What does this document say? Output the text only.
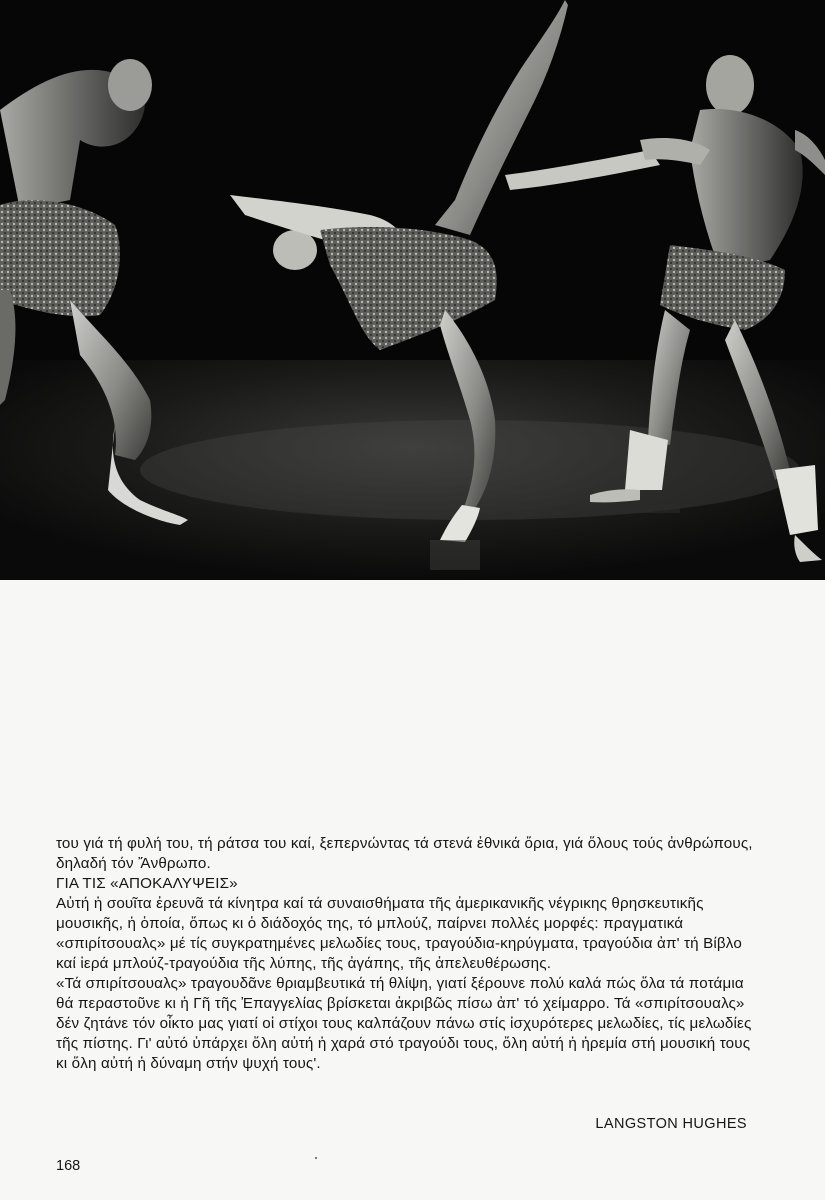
του γιά τή φυλή του, τή ράτσα του καί, ξεπερνώντας τά στενά ἐθνικά ὅρια, γιά ὅλους τούς ἀνθρώπους, δηλαδή τόν Ἄνθρωπο.

ΓΙΑ ΤΙΣ «ΑΠΟΚΑΛΥΨΕΙΣ»

Αὐτή ἡ σουῖτα ἐρευνᾶ τά κίνητρα καί τά συναισθήματα τῆς ἀμερικανικῆς νέγρικης θρησκευτικῆς μουσικῆς, ἡ ὁποία, ὅπως κι ὁ διάδοχός της, τό μπλούζ, παίρνει πολλές μορφές: πραγματικά «σπιρίτσουαλς» μέ τίς συγκρατημένες μελωδίες τους, τραγούδια-κηρύγματα, τραγούδια ἀπ' τή Βίβλο καί ἱερά μπλούζ-τραγούδια τῆς λύπης, τῆς ἀγάπης, τῆς ἀπελευθέρωσης.

«Τά σπιρίτσουαλς» τραγουδᾶνε θριαμβευτικά τή θλίψη, γιατί ξέρουνε πολύ καλά πώς ὅλα τά ποτάμια θά περαστοῦνε κι ἡ Γῆ τῆς Ἐπαγγελίας βρίσκεται ἀκριβῶς πίσω ἀπ' τό χείμαρρο. Τά «σπιρίτσουαλς» δέν ζητάνε τόν οἶκτο μας γιατί οἱ στίχοι τους καλπάζουν πάνω στίς ἰσχυρότερες μελωδίες, τίς μελωδίες τῆς πίστης. Γι' αὐτό ὑπάρχει ὅλη αὐτή ἡ χαρά στό τραγούδι τους, ὅλη αὐτή ἡ ἠρεμία στή μουσική τους κι ὅλη αὐτή ἡ δύναμη στήν ψυχή τους'.

LANGSTON HUGHES
168
